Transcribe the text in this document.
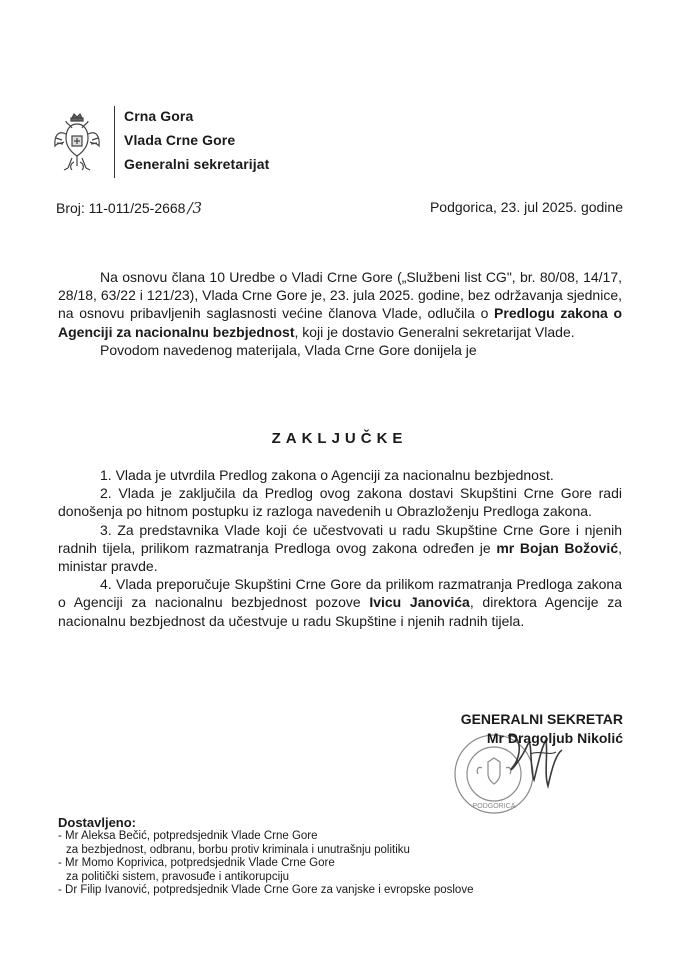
Crna Gora
Vlada Crne Gore
Generalni sekretarijat
Broj: 11-011/25-2668 /3	Podgorica, 23. jul 2025. godine
Na osnovu člana 10 Uredbe o Vladi Crne Gore („Službeni list CG", br. 80/08, 14/17, 28/18, 63/22 i 121/23), Vlada Crne Gore je, 23. jula 2025. godine, bez održavanja sjednice, na osnovu pribavljenih saglasnosti većine članova Vlade, odlučila o Predlogu zakona o Agenciji za nacionalnu bezbjednost, koji je dostavio Generalni sekretarijat Vlade.
Povodom navedenog materijala, Vlada Crne Gore donijela je
ZAKLJUČKE
1. Vlada je utvrdila Predlog zakona o Agenciji za nacionalnu bezbjednost.
2. Vlada je zaključila da Predlog ovog zakona dostavi Skupštini Crne Gore radi donošenja po hitnom postupku iz razloga navedenih u Obrazloženju Predloga zakona.
3. Za predstavnika Vlade koji će učestvovati u radu Skupštine Crne Gore i njenih radnih tijela, prilikom razmatranja Predloga ovog zakona određen je mr Bojan Božović, ministar pravde.
4. Vlada preporučuje Skupštini Crne Gore da prilikom razmatranja Predloga zakona o Agenciji za nacionalnu bezbjednost pozove Ivicu Janovića, direktora Agencije za nacionalnu bezbjednost da učestvuje u radu Skupštine i njenih radnih tijela.
PODGORICA
GENERALNI SEKRETAR
Mr Dragoljub Nikolić
Dostavljeno:
- Mr Aleksa Bečić, potpredsjednik Vlade Crne Gore
za bezbjednost, odbranu, borbu protiv kriminala i unutrašnju politiku
- Mr Momo Koprivica, potpredsjednik Vlade Crne Gore
za politički sistem, pravosuđe i antikorupciju
- Dr Filip Ivanović, potpredsjednik Vlade Crne Gore za vanjske i evropske poslove
